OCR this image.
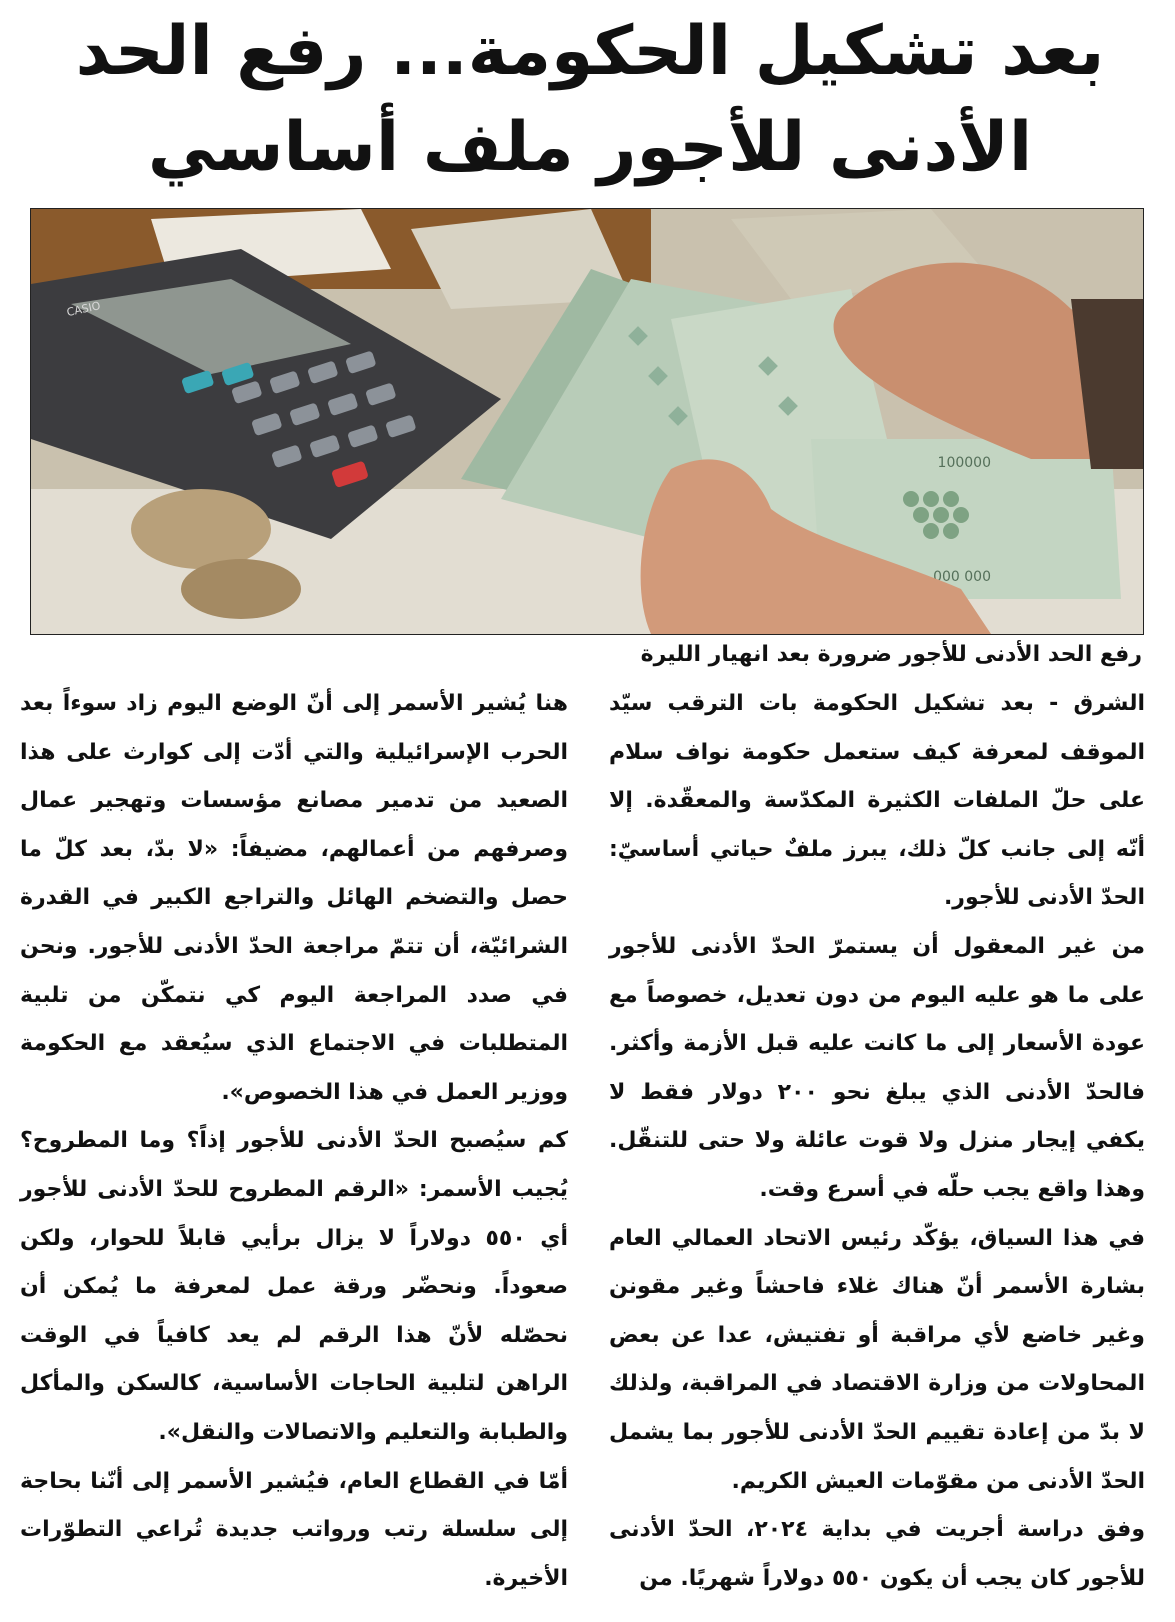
بعد تشكيل الحكومة... رفع الحد
الأدنى للأجور ملف أساسي
CASIO
100000
000 000
رفع الحد الأدنى للأجور ضرورة بعد انهيار الليرة

الشرق - بعد تشكيل الحكومة بات الترقب سيّد الموقف لمعرفة كيف ستعمل حكومة نواف سلام على حلّ الملفات الكثيرة المكدّسة والمعقّدة. إلا أنّه إلى جانب كلّ ذلك، يبرز ملفٌ حياتي أساسيّ: الحدّ الأدنى للأجور.

من غير المعقول أن يستمرّ الحدّ الأدنى للأجور على ما هو عليه اليوم من دون تعديل، خصوصاً مع عودة الأسعار إلى ما كانت عليه قبل الأزمة وأكثر. فالحدّ الأدنى الذي يبلغ نحو ٢٠٠ دولار فقط لا يكفي إيجار منزل ولا قوت عائلة ولا حتى للتنقّل. وهذا واقع يجب حلّه في أسرع وقت.

في هذا السياق، يؤكّد رئيس الاتحاد العمالي العام بشارة الأسمر أنّ هناك غلاء فاحشاً وغير مقونن وغير خاضع لأي مراقبة أو تفتيش، عدا عن بعض المحاولات من وزارة الاقتصاد في المراقبة، ولذلك لا بدّ من إعادة تقييم الحدّ الأدنى للأجور بما يشمل الحدّ الأدنى من مقوّمات العيش الكريم.

وفق دراسة أجريت في بداية ٢٠٢٤، الحدّ الأدنى للأجور كان يجب أن يكون ٥٥٠ دولاراً شهريًا. من

هنا يُشير الأسمر إلى أنّ الوضع اليوم زاد سوءاً بعد الحرب الإسرائيلية والتي أدّت إلى كوارث على هذا الصعيد من تدمير مصانع مؤسسات وتهجير عمال وصرفهم من أعمالهم، مضيفاً: «لا بدّ، بعد كلّ ما حصل والتضخم الهائل والتراجع الكبير في القدرة الشرائيّة، أن تتمّ مراجعة الحدّ الأدنى للأجور. ونحن في صدد المراجعة اليوم كي نتمكّن من تلبية المتطلبات في الاجتماع الذي سيُعقد مع الحكومة ووزير العمل في هذا الخصوص».

كم سيُصبح الحدّ الأدنى للأجور إذاً؟ وما المطروح؟ يُجيب الأسمر: «الرقم المطروح للحدّ الأدنى للأجور أي ٥٥٠ دولاراً لا يزال برأيي قابلاً للحوار، ولكن صعوداً. ونحضّر ورقة عمل لمعرفة ما يُمكن أن نحصّله لأنّ هذا الرقم لم يعد كافياً في الوقت الراهن لتلبية الحاجات الأساسية، كالسكن والمأكل والطبابة والتعليم والاتصالات والنقل».

أمّا في القطاع العام، فيُشير الأسمر إلى أنّنا بحاجة إلى سلسلة رتب ورواتب جديدة تُراعي التطوّرات الأخيرة.
